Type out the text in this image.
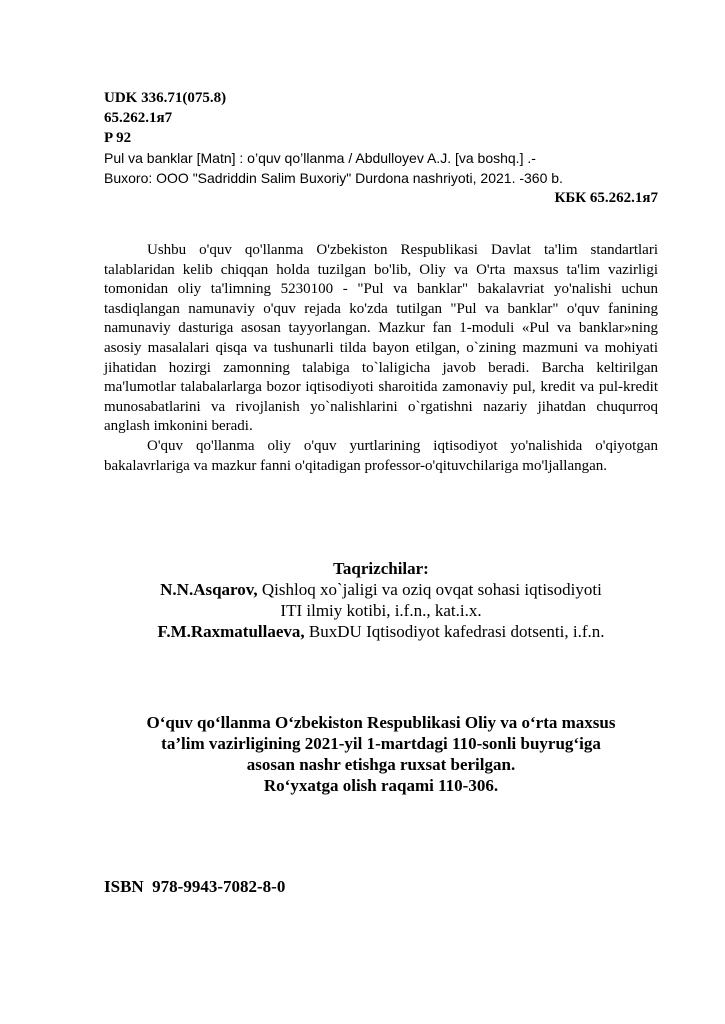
UDK 336.71(075.8)
65.262.1я7
P 92
Pul va banklar [Matn] : o’quv qo’llanma / Abdulloyev A.J. [va boshq.] .-
Buxoro: OOO "Sadriddin Salim Buxoriy" Durdona nashriyoti, 2021. -360 b.
КБК 65.262.1я7

Ushbu o'quv qo'llanma O'zbekiston Respublikasi Davlat ta'lim standartlari talablaridan kelib chiqqan holda tuzilgan bo'lib, Oliy va O'rta maxsus ta'lim vazirligi tomonidan oliy ta'limning 5230100 - "Pul va banklar" bakalavriat yo'nalishi uchun tasdiqlangan namunaviy o'quv rejada ko'zda tutilgan "Pul va banklar" o'quv fanining namunaviy dasturiga asosan tayyorlangan. Mazkur fan 1-moduli «Pul va banklar»ning asosiy masalalari qisqa va tushunarli tilda bayon etilgan, o`zining mazmuni va mohiyati jihatidan hozirgi zamonning talabiga to`laligicha javob beradi. Barcha keltirilgan ma'lumotlar talabalarlarga bozor iqtisodiyoti sharoitida zamonaviy pul, kredit va pul-kredit munosabatlarini va rivojlanish yo`nalishlarini o`rgatishni nazariy jihatdan chuqurroq anglash imkonini beradi.

O'quv qo'llanma oliy o'quv yurtlarining iqtisodiyot yo'nalishida o'qiyotgan bakalavrlariga va mazkur fanni o'qitadigan professor-o'qituvchilariga mo'ljallangan.

Taqrizchilar:
N.N.Asqarov, Qishloq xo`jaligi va oziq ovqat sohasi iqtisodiyoti
ITI ilmiy kotibi, i.f.n., kat.i.x.
F.M.Raxmatullaeva, BuxDU Iqtisodiyot kafedrasi dotsenti, i.f.n.
O‘quv qo‘llanma O‘zbekiston Respublikasi Oliy va o‘rta maxsus
ta’lim vazirligining 2021-yil 1-martdagi 110-sonli buyrug‘iga
asosan nashr etishga ruxsat berilgan.
Ro‘yxatga olish raqami 110-306.
ISBN  978-9943-7082-8-0
